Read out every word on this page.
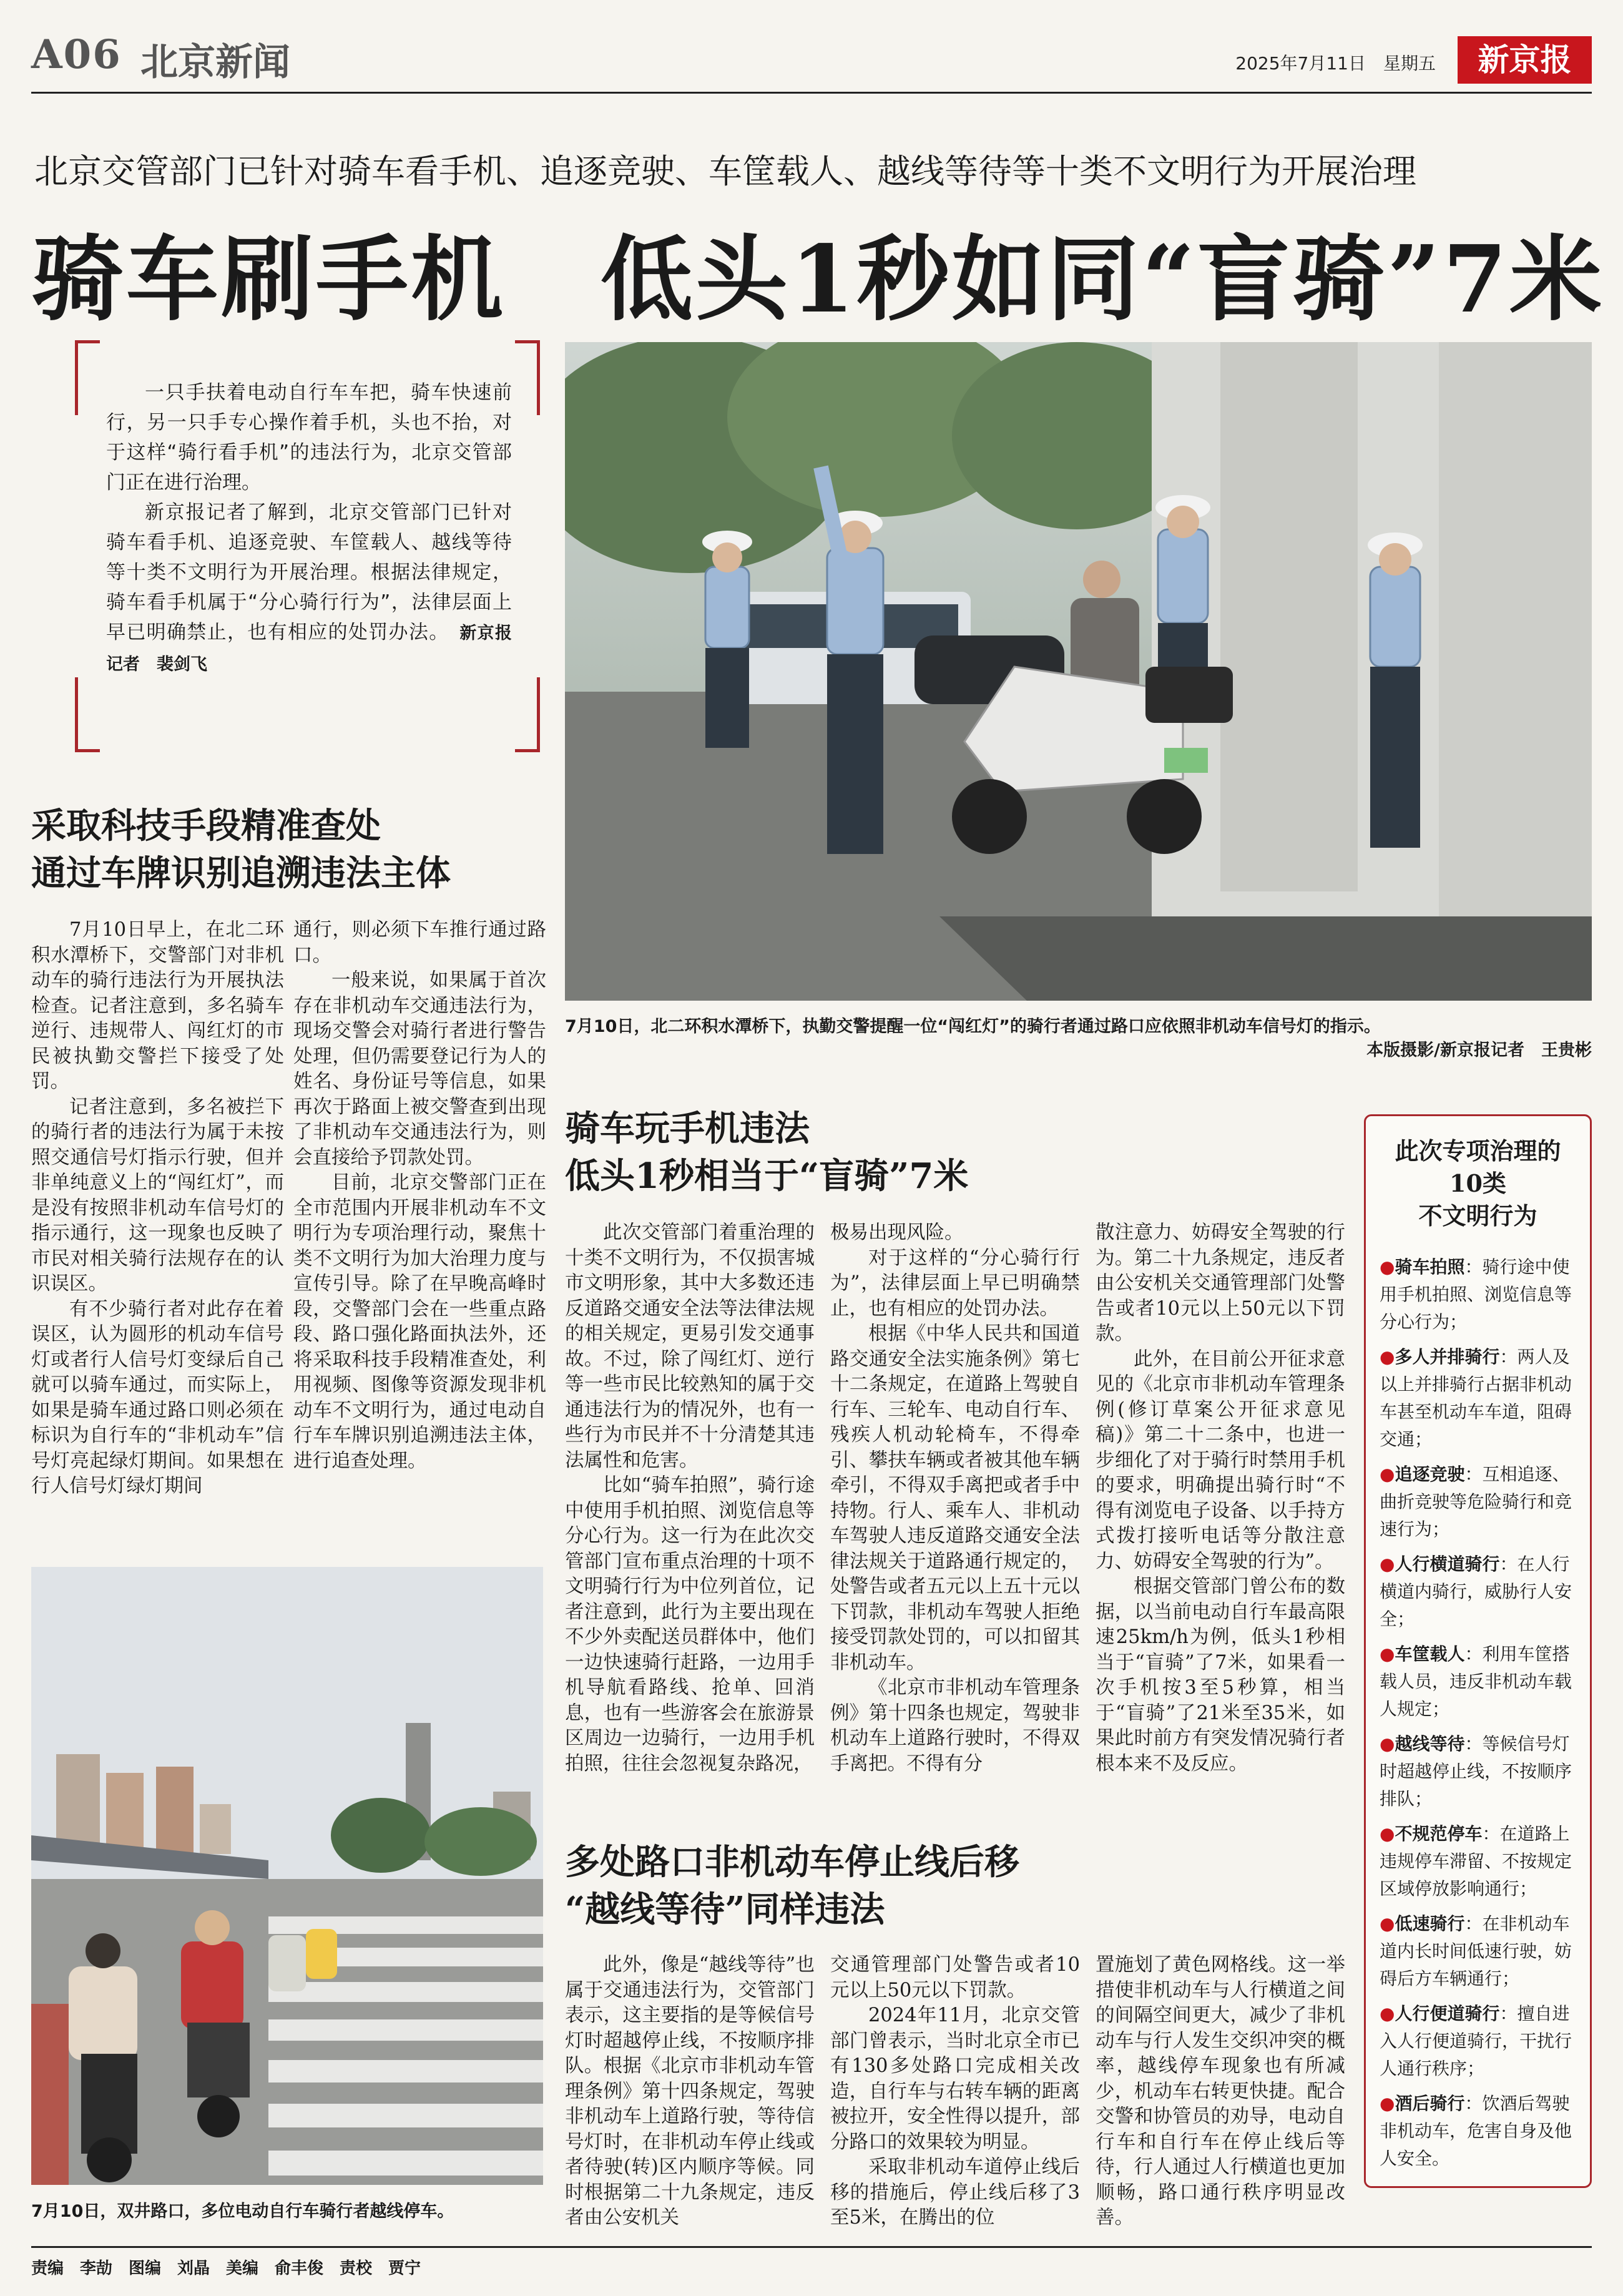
A06 北京新闻	2025年7月11日　星期五	新京报
北京交管部门已针对骑车看手机、追逐竞驶、车筐载人、越线等待等十类不文明行为开展治理
骑车刷手机　低头1秒如同“盲骑”7米

一只手扶着电动自行车车把，骑车快速前行，另一只手专心操作着手机，头也不抬，对于这样“骑行看手机”的违法行为，北京交管部门正在进行治理。

新京报记者了解到，北京交管部门已针对骑车看手机、追逐竞驶、车筐载人、越线等待等十类不文明行为开展治理。根据法律规定，骑车看手机属于“分心骑行行为”，法律层面上早已明确禁止，也有相应的处罚办法。　 新京报记者　裴剑飞

7月10日，北二环积水潭桥下，执勤交警提醒一位“闯红灯”的骑行者通过路口应依照非机动车信号灯的指示。
本版摄影/新京报记者　王贵彬
采取科技手段精准查处
通过车牌识别追溯违法主体

7月10日早上，在北二环积水潭桥下，交警部门对非机动车的骑行违法行为开展执法检查。记者注意到，多名骑车逆行、违规带人、闯红灯的市民被执勤交警拦下接受了处罚。

记者注意到，多名被拦下的骑行者的违法行为属于未按照交通信号灯指示行驶，但并非单纯意义上的“闯红灯”，而是没有按照非机动车信号灯的指示通行，这一现象也反映了市民对相关骑行法规存在的认识误区。

有不少骑行者对此存在着误区，认为圆形的机动车信号灯或者行人信号灯变绿后自己就可以骑车通过，而实际上，如果是骑车通过路口则必须在标识为自行车的“非机动车”信号灯亮起绿灯期间。如果想在行人信号灯绿灯期间

通行，则必须下车推行通过路口。

一般来说，如果属于首次存在非机动车交通违法行为，现场交警会对骑行者进行警告处理，但仍需要登记行为人的姓名、身份证号等信息，如果再次于路面上被交警查到出现了非机动车交通违法行为，则会直接给予罚款处罚。

目前，北京交警部门正在全市范围内开展非机动车不文明行为专项治理行动，聚焦十类不文明行为加大治理力度与宣传引导。除了在早晚高峰时段，交警部门会在一些重点路段、路口强化路面执法外，还将采取科技手段精准查处，利用视频、图像等资源发现非机动车不文明行为，通过电动自行车车牌识别追溯违法主体，进行追查处理。

7月10日，双井路口，多位电动自行车骑行者越线停车。
骑车玩手机违法
低头1秒相当于“盲骑”7米

此次交管部门着重治理的十类不文明行为，不仅损害城市文明形象，其中大多数还违反道路交通安全法等法律法规的相关规定，更易引发交通事故。不过，除了闯红灯、逆行等一些市民比较熟知的属于交通违法行为的情况外，也有一些行为市民并不十分清楚其违法属性和危害。

比如“骑车拍照”，骑行途中使用手机拍照、浏览信息等分心行为。这一行为在此次交管部门宣布重点治理的十项不文明骑行行为中位列首位，记者注意到，此行为主要出现在不少外卖配送员群体中，他们一边快速骑行赶路，一边用手机导航看路线、抢单、回消息，也有一些游客会在旅游景区周边一边骑行，一边用手机拍照，往往会忽视复杂路况，

极易出现风险。

对于这样的“分心骑行行为”，法律层面上早已明确禁止，也有相应的处罚办法。

根据《中华人民共和国道路交通安全法实施条例》第七十二条规定，在道路上驾驶自行车、三轮车、电动自行车、残疾人机动轮椅车，不得牵引、攀扶车辆或者被其他车辆牵引，不得双手离把或者手中持物。行人、乘车人、非机动车驾驶人违反道路交通安全法律法规关于道路通行规定的，处警告或者五元以上五十元以下罚款，非机动车驾驶人拒绝接受罚款处罚的，可以扣留其非机动车。

《北京市非机动车管理条例》第十四条也规定，驾驶非机动车上道路行驶时，不得双手离把。不得有分

散注意力、妨碍安全驾驶的行为。第二十九条规定，违反者由公安机关交通管理部门处警告或者10元以上50元以下罚款。

此外，在目前公开征求意见的《北京市非机动车管理条例(修订草案公开征求意见稿)》第二十二条中，也进一步细化了对于骑行时禁用手机的要求，明确提出骑行时“不得有浏览电子设备、以手持方式拨打接听电话等分散注意力、妨碍安全驾驶的行为”。

根据交管部门曾公布的数据，以当前电动自行车最高限速25km/h为例，低头1秒相当于“盲骑”了7米，如果看一次手机按3至5秒算，相当于“盲骑”了21米至35米，如果此时前方有突发情况骑行者根本来不及反应。

多处路口非机动车停止线后移
“越线等待”同样违法

此外，像是“越线等待”也属于交通违法行为，交管部门表示，这主要指的是等候信号灯时超越停止线，不按顺序排队。根据《北京市非机动车管理条例》第十四条规定，驾驶非机动车上道路行驶，等待信号灯时，在非机动车停止线或者待驶(转)区内顺序等候。同时根据第二十九条规定，违反者由公安机关

交通管理部门处警告或者10元以上50元以下罚款。

2024年11月，北京交管部门曾表示，当时北京全市已有130多处路口完成相关改造，自行车与右转车辆的距离被拉开，安全性得以提升，部分路口的效果较为明显。

采取非机动车道停止线后移的措施后，停止线后移了3至5米，在腾出的位

置施划了黄色网格线。这一举措使非机动车与人行横道之间的间隔空间更大，减少了非机动车与行人发生交织冲突的概率，越线停车现象也有所减少，机动车右转更快捷。配合交警和协管员的劝导，电动自行车和自行车在停止线后等待，行人通过人行横道也更加顺畅，路口通行秩序明显改善。

此次专项治理的
10类
不文明行为
●骑车拍照：骑行途中使用手机拍照、浏览信息等分心行为；
●多人并排骑行：两人及以上并排骑行占据非机动车甚至机动车车道，阻碍交通；
●追逐竞驶：互相追逐、曲折竞驶等危险骑行和竞速行为；
●人行横道骑行：在人行横道内骑行，威胁行人安全；
●车筐载人：利用车筐搭载人员，违反非机动车载人规定；
●越线等待：等候信号灯时超越停止线，不按顺序排队；
●不规范停车：在道路上违规停车滞留、不按规定区域停放影响通行；
●低速骑行：在非机动车道内长时间低速行驶，妨碍后方车辆通行；
●人行便道骑行：擅自进入人行便道骑行，干扰行人通行秩序；
●酒后骑行：饮酒后驾驶非机动车，危害自身及他人安全。
责编　李劼　图编　刘晶　美编　俞丰俊　责校　贾宁
